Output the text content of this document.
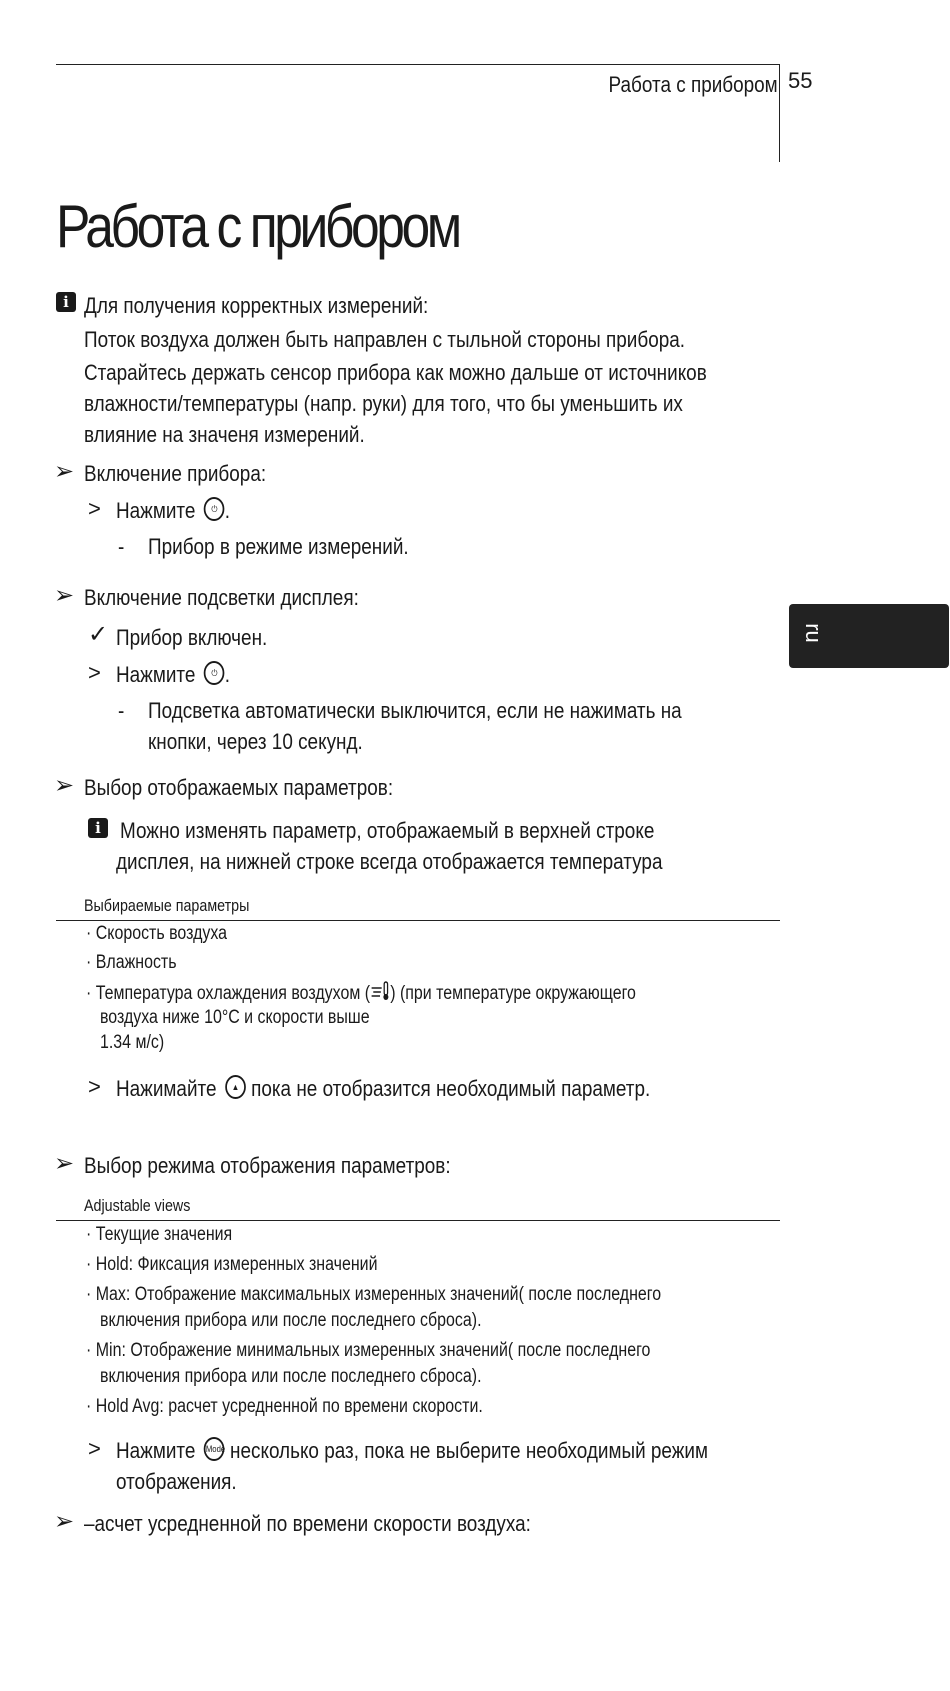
Работа с прибором 55
Работа с прибором
ru
i Для получения корректных измерений:
Поток воздуха должен быть направлен с тыльной стороны прибора.
Старайтесь держать сенсор прибора как можно дальше от источников
влажности/температуры (напр. руки) для того, что бы уменьшить их
влияние на значеня измерений.
➢ Включение прибора:
> Нажмите ⏻ .
- Прибор в режиме измерений.
➢ Включение подсветки дисплея:
✓ Прибор включен.
> Нажмите ⏻ .
- Подсветка автоматически выключится, если не нажимать на
кнопки, через 10 секунд.
➢ Выбор отображаемых параметров:
i Можно изменять параметр, отображаемый в верхней строке
дисплея, на нижней строке всегда отображается температура
Выбираемые параметры
· Скорость воздуха
· Влажность
· Температура охлаждения воздухом ( ) (при температуре окружающего
воздуха ниже 10°C и скорости выше
1.34 м/с)
> Нажимайте ▲ пока не отобразится необходимый параметр.
➢ Выбор режима отображения параметров:
Adjustable views
· Текущие значения
· Hold: Фиксация измеренных значений
· Max: Отображение максимальных измеренных значений( после последнего
включения прибора или после последнего сброса).
· Min: Отображение минимальных измеренных значений( после последнего
включения прибора или после последнего сброса).
· Hold Avg: расчет усредненной по времени скорости.
> Нажмите Mode несколько раз, пока не выберите необходимый режим
отображения.
➢ –асчет усредненной по времени скорости воздуха:
